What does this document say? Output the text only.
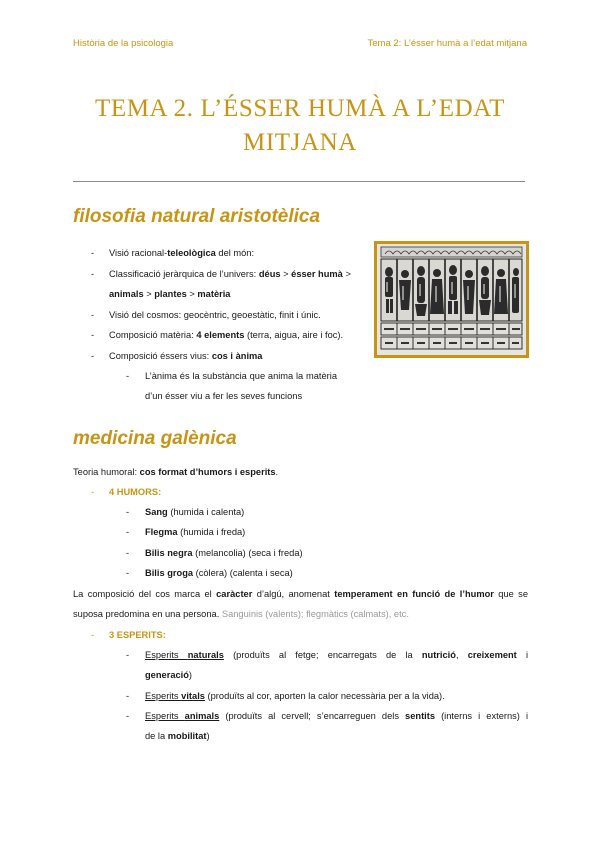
Història de la psicologia	Tema 2: L’ésser humà a l’edat mitjana
TEMA 2. L’ÉSSER HUMÀ A L’EDAT
MITJANA
filosofia natural aristotèlica
- Visió racional-teleològica del món:
- Classificació jeràrquica de l’univers: déus > ésser humà >
animals > plantes > matèria
- Visió del cosmos: geocèntric, geoestàtic, finit i únic.
- Composició matèria: 4 elements (terra, aigua, aire i foc).
- Composició éssers vius: cos i ànima
- L’ànima és la substància que anima la matèria
d’un ésser viu a fer les seves funcions
medicina galènica
Teoria humoral: cos format d’humors i esperits.
- 4 HUMORS:
- Sang (humida i calenta)
- Flegma (humida i freda)
- Bilis negra (melancolia) (seca i freda)
- Bilis groga (còlera) (calenta i seca)
La composició del cos marca el caràcter d’algú, anomenat temperament en funció de l’humor que se
suposa predomina en una persona. Sanguinis (valents); flegmàtics (calmats), etc.
- 3 ESPERITS:
- Esperits naturals (produïts al fetge; encarregats de la nutrició, creixement i
generació)
- Esperits vitals (produïts al cor, aporten la calor necessària per a la vida).
- Esperits animals (produïts al cervell; s’encarreguen dels sentits (interns i externs) i
de la mobilitat)
